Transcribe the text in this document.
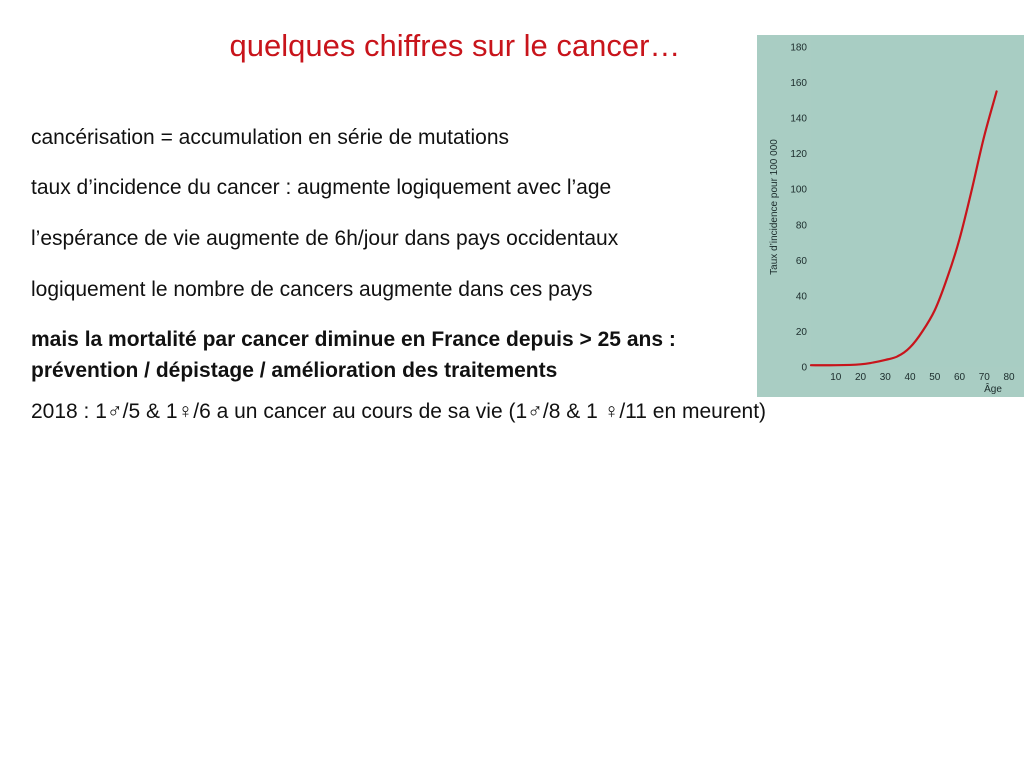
quelques chiffres sur le cancer…
cancérisation = accumulation en série de mutations
taux d’incidence du cancer : augmente logiquement avec l’age
l’espérance de vie augmente de 6h/jour dans pays occidentaux
logiquement le nombre de cancers augmente dans ces pays
mais la mortalité par cancer diminue en France depuis > 25 ans :
prévention / dépistage / amélioration des traitements
2018 : 1♂/5 & 1♀/6 a un cancer au cours de sa vie (1♂/8 & 1 ♀/11 en meurent)
0
20
40
60
80
100
120
140
160
180
10 20 30 40 50 60 70 80
Taux d’incidence pour 100 000
Âge
